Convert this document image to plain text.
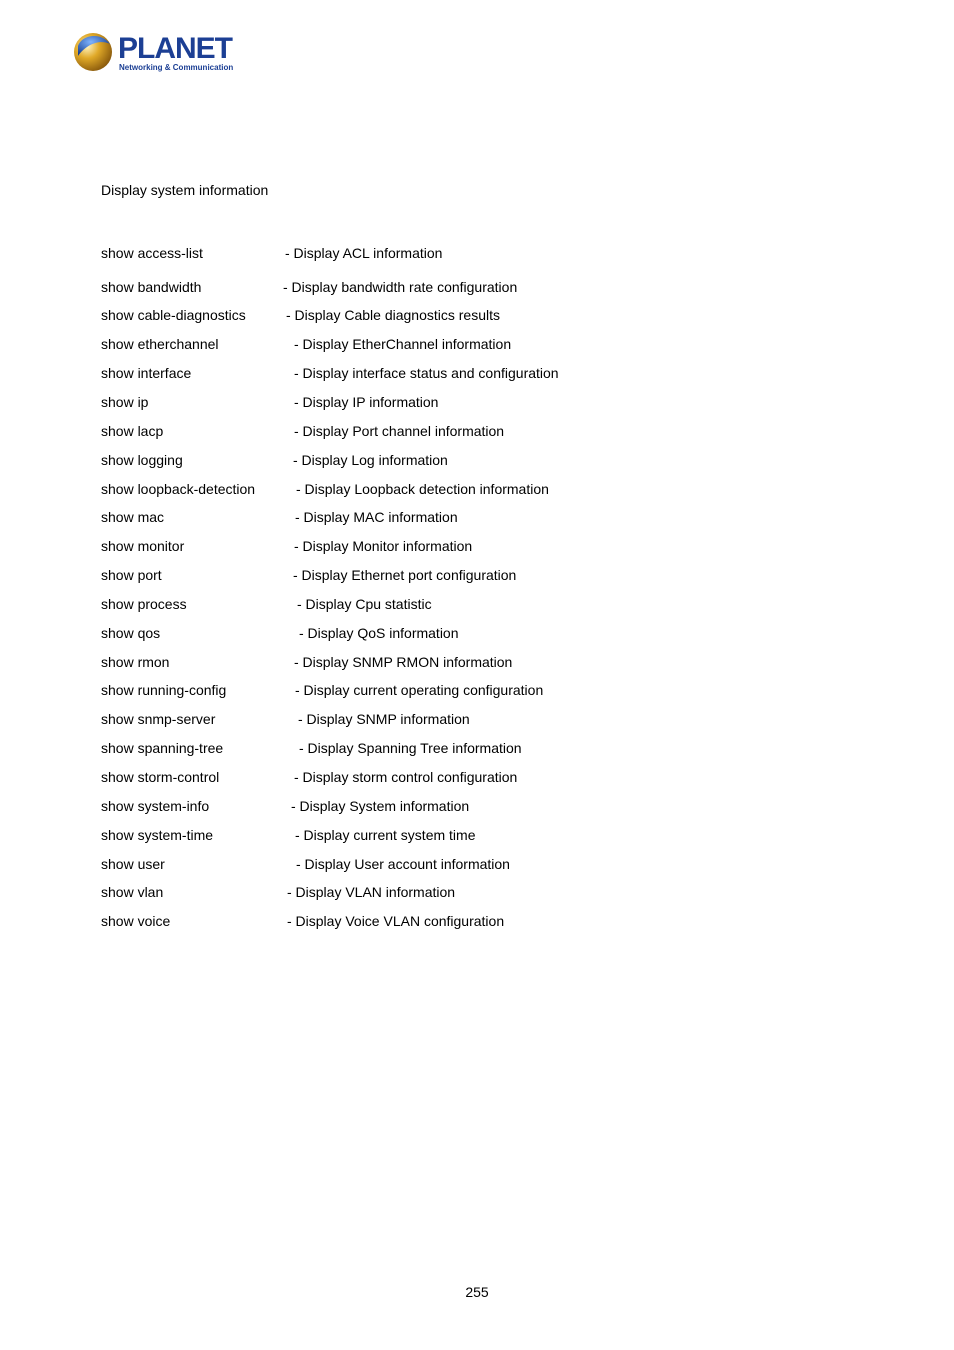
PLANET
Networking & Communication
Display system information
show access-list	- Display ACL information
show bandwidth	- Display bandwidth rate configuration
show cable-diagnostics	- Display Cable diagnostics results
show etherchannel	- Display EtherChannel information
show interface	- Display interface status and configuration
show ip	- Display IP information
show lacp	- Display Port channel information
show logging	- Display Log information
show loopback-detection	- Display Loopback detection information
show mac	- Display MAC information
show monitor	- Display Monitor information
show port	- Display Ethernet port configuration
show process	- Display Cpu statistic
show qos	- Display QoS information
show rmon	- Display SNMP RMON information
show running-config	- Display current operating configuration
show snmp-server	- Display SNMP information
show spanning-tree	- Display Spanning Tree information
show storm-control	- Display storm control configuration
show system-info	- Display System information
show system-time	- Display current system time
show user	- Display User account information
show vlan	- Display VLAN information
show voice	- Display Voice VLAN configuration
255
